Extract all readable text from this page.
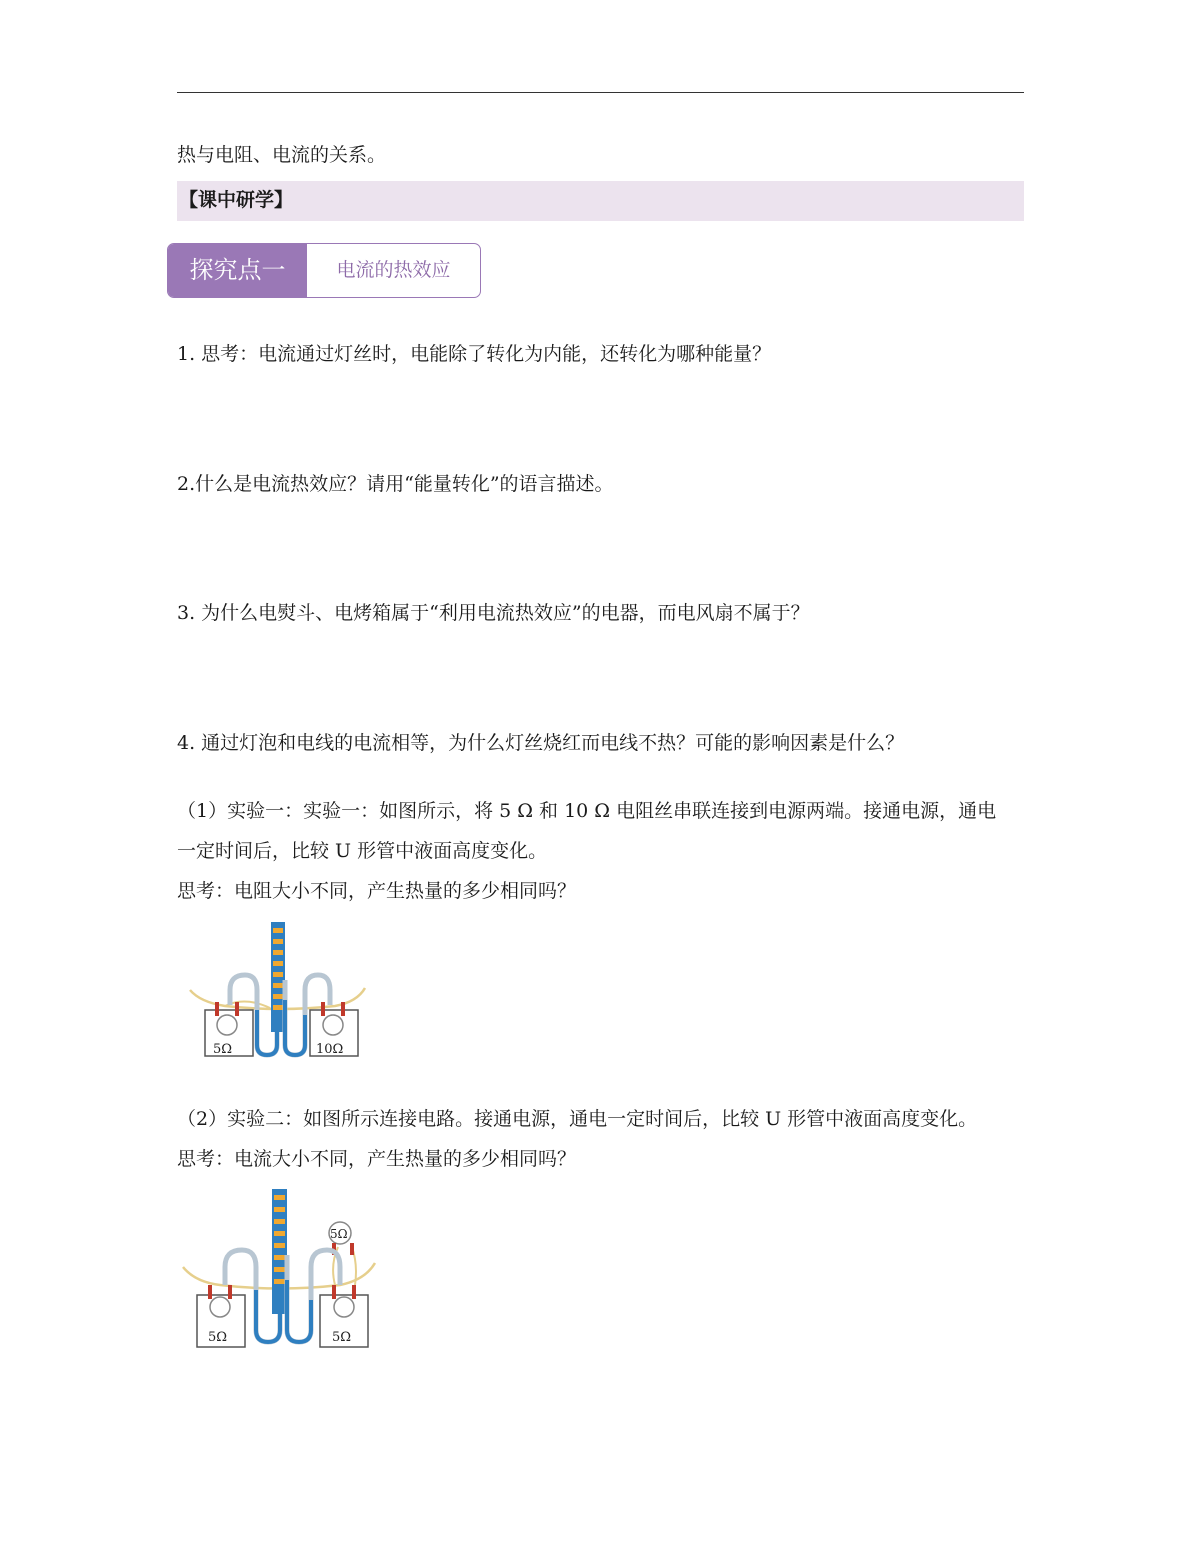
热与电阻、电流的关系。
【课中研学】
探究点一	电流的热效应
1. 思考：电流通过灯丝时，电能除了转化为内能，还转化为哪种能量？
2.什么是电流热效应？请用“能量转化”的语言描述。
3. 为什么电熨斗、电烤箱属于“利用电流热效应”的电器，而电风扇不属于？
4. 通过灯泡和电线的电流相等，为什么灯丝烧红而电线不热？可能的影响因素是什么？
（1）实验一：实验一：如图所示，将 5 Ω 和 10 Ω 电阻丝串联连接到电源两端。接通电源，通电
一定时间后，比较 U 形管中液面高度变化。
思考：电阻大小不同，产生热量的多少相同吗？
5Ω	10Ω
（2）实验二：如图所示连接电路。接通电源，通电一定时间后，比较 U 形管中液面高度变化。
思考：电流大小不同，产生热量的多少相同吗？
5Ω
5Ω	5Ω
